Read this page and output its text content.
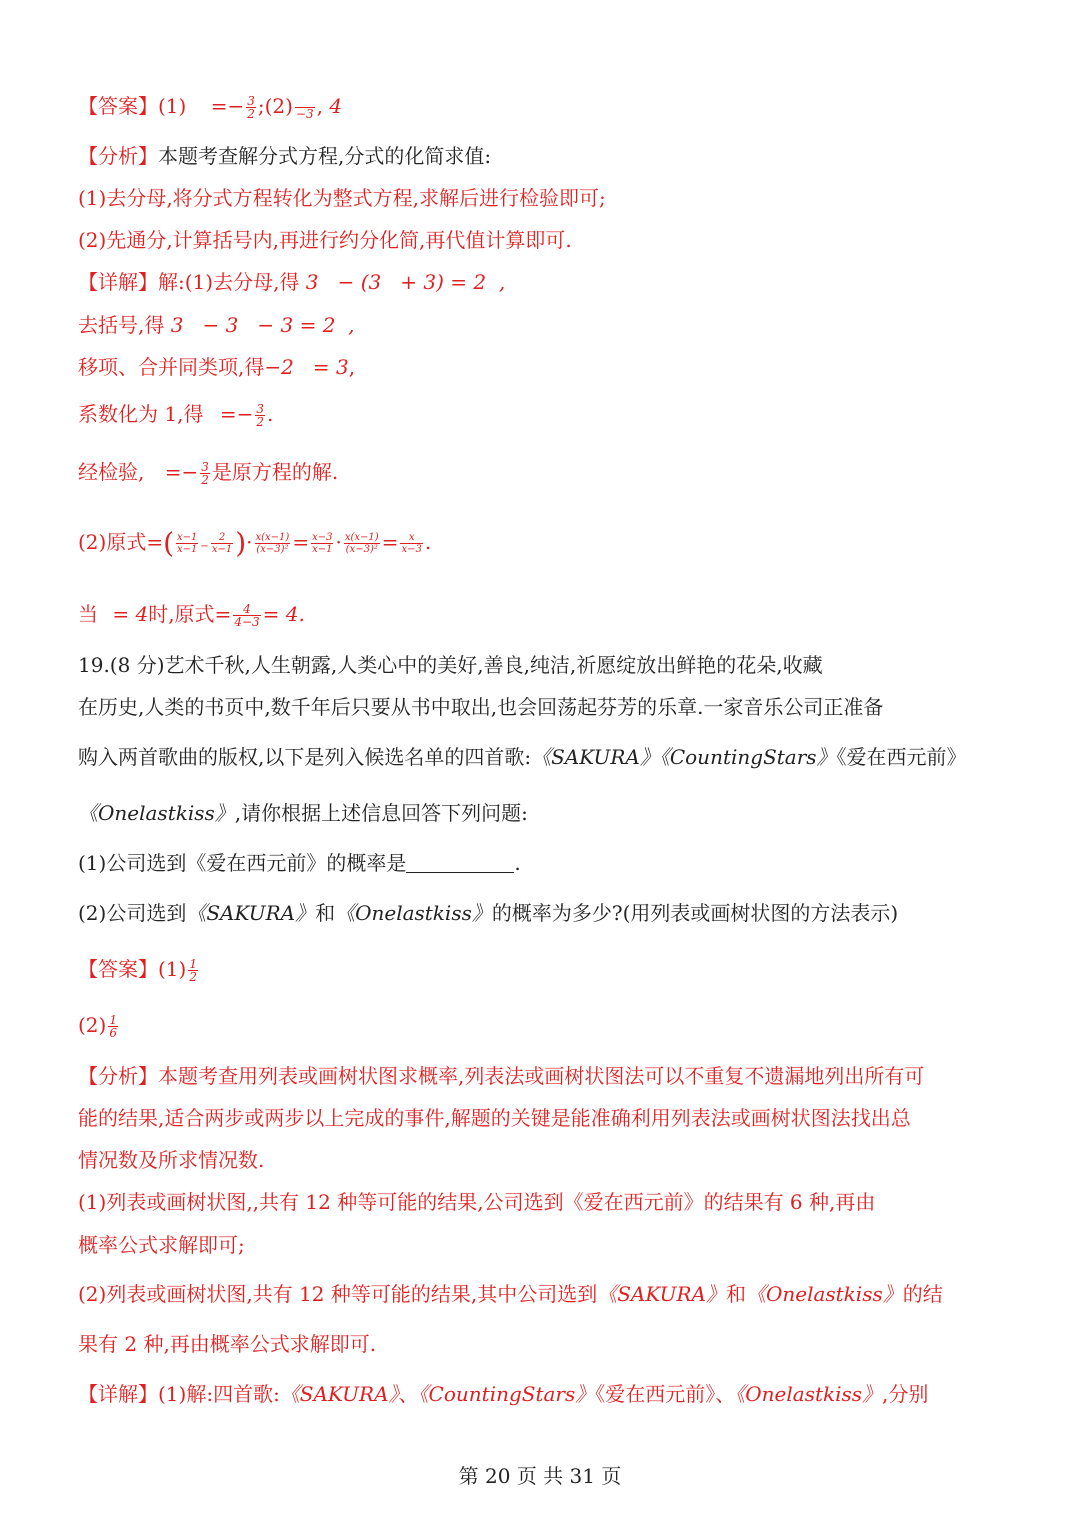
【答案】$(1) =- \frac{3}{2}$ ;(2)
−3 , 4
【分析】本题考查解分式方程,分式的化简求值:
(1)去分母,将分式方程转化为整式方程,求解后进行检验即可;
(2)先通分,计算括号内,再进行约分化简,再代值计算即可.
【详解】解:(1)去分母,得 3   − (3   + 3) = 2  ,
去括号,得 3   − 3   − 3 = 2  ,
移项、合并同类项,得−2   = 3,
系数化为 1,得 =− $\frac{3}{2}$ .
经检验, =− $\frac{3}{2}$ 是原方程的解.
(2)原式=( $\frac{x-1}{x-1} - \frac{2}{x-1}$ )· $\frac{x(x-1)}{\text{(x−3)²}} = \frac{x-3}{x-1} \cdot \frac{x(x-1)}{\text{(x−3)²}} = \frac{x}{x-3}$ .
当 = 4时,原式= $\frac{4}{4-3} = 4$.
19.(8 分)艺术千秋,人生朝露,人类心中的美好,善良,纯洁,祈愿绽放出鲜艳的花朵,收藏
在历史,人类的书页中,数千年后只要从书中取出,也会回荡起芬芳的乐章.一家音乐公司正准备
购入两首歌曲的版权,以下是列入候选名单的四首歌:《SAKURA》《CountingStars》《爱在西元前》
《Onelastkiss》,请你根据上述信息回答下列问题:
(1)公司选到《爱在西元前》的概率是	.
(2)公司选到《SAKURA》和《Onelastkiss》的概率为多少?(用列表或画树状图的方法表示)
【答案】$(1) \frac{1}{2}$
$(2) \frac{1}{6}$
【分析】本题考查用列表或画树状图求概率,列表法或画树状图法可以不重复不遗漏地列出所有可
能的结果,适合两步或两步以上完成的事件,解题的关键是能准确利用列表法或画树状图法找出总
情况数及所求情况数.
(1)列表或画树状图,,共有 12 种等可能的结果,公司选到《爱在西元前》的结果有 6 种,再由
概率公式求解即可;
(2)列表或画树状图,共有 12 种等可能的结果,其中公司选到《SAKURA》和《Onelastkiss》的结
果有 2 种,再由概率公式求解即可.
【详解】(1)解:四首歌:《SAKURA》、《CountingStars》《爱在西元前》、《Onelastkiss》,分别
第 20 页 共 31 页
